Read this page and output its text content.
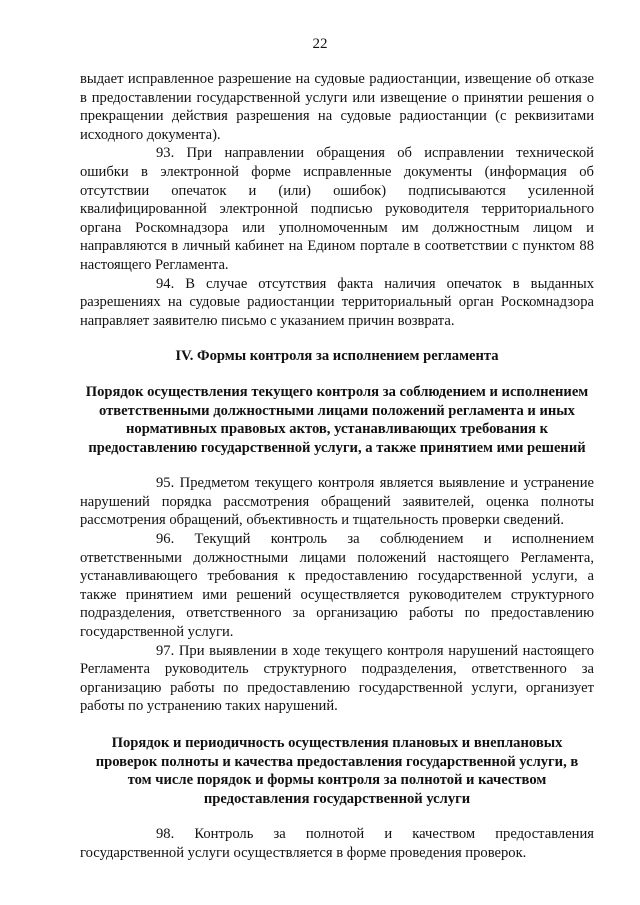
22

выдает исправленное разрешение на судовые радиостанции, извещение об отказе в предоставлении государственной услуги или извещение о принятии решения о прекращении действия разрешения на судовые радиостанции (с реквизитами исходного документа).

93. При направлении обращения об исправлении технической ошибки в электронной форме исправленные документы (информация об отсутствии опечаток и (или) ошибок) подписываются усиленной квалифицированной электронной подписью руководителя территориального органа Роскомнадзора или уполномоченным им должностным лицом и направляются в личный кабинет на Едином портале в соответствии с пунктом 88 настоящего Регламента.

94. В случае отсутствия факта наличия опечаток в выданных разрешениях на судовые радиостанции территориальный орган Роскомнадзора направляет заявителю письмо с указанием причин возврата.

IV. Формы контроля за исполнением регламента

Порядок осуществления текущего контроля за соблюдением и исполнением ответственными должностными лицами положений регламента и иных нормативных правовых актов, устанавливающих требования к предоставлению государственной услуги, а также принятием ими решений

95. Предметом текущего контроля является выявление и устранение нарушений порядка рассмотрения обращений заявителей, оценка полноты рассмотрения обращений, объективность и тщательность проверки сведений.

96. Текущий контроль за соблюдением и исполнением ответственными должностными лицами положений настоящего Регламента, устанавливающего требования к предоставлению государственной услуги, а также принятием ими решений осуществляется руководителем структурного подразделения, ответственного за организацию работы по предоставлению государственной услуги.

97. При выявлении в ходе текущего контроля нарушений настоящего Регламента руководитель структурного подразделения, ответственного за организацию работы по предоставлению государственной услуги, организует работы по устранению таких нарушений.

Порядок и периодичность осуществления плановых и внеплановых проверок полноты и качества предоставления государственной услуги, в том числе порядок и формы контроля за полнотой и качеством предоставления государственной услуги

98. Контроль за полнотой и качеством предоставления государственной услуги осуществляется в форме проведения проверок.
